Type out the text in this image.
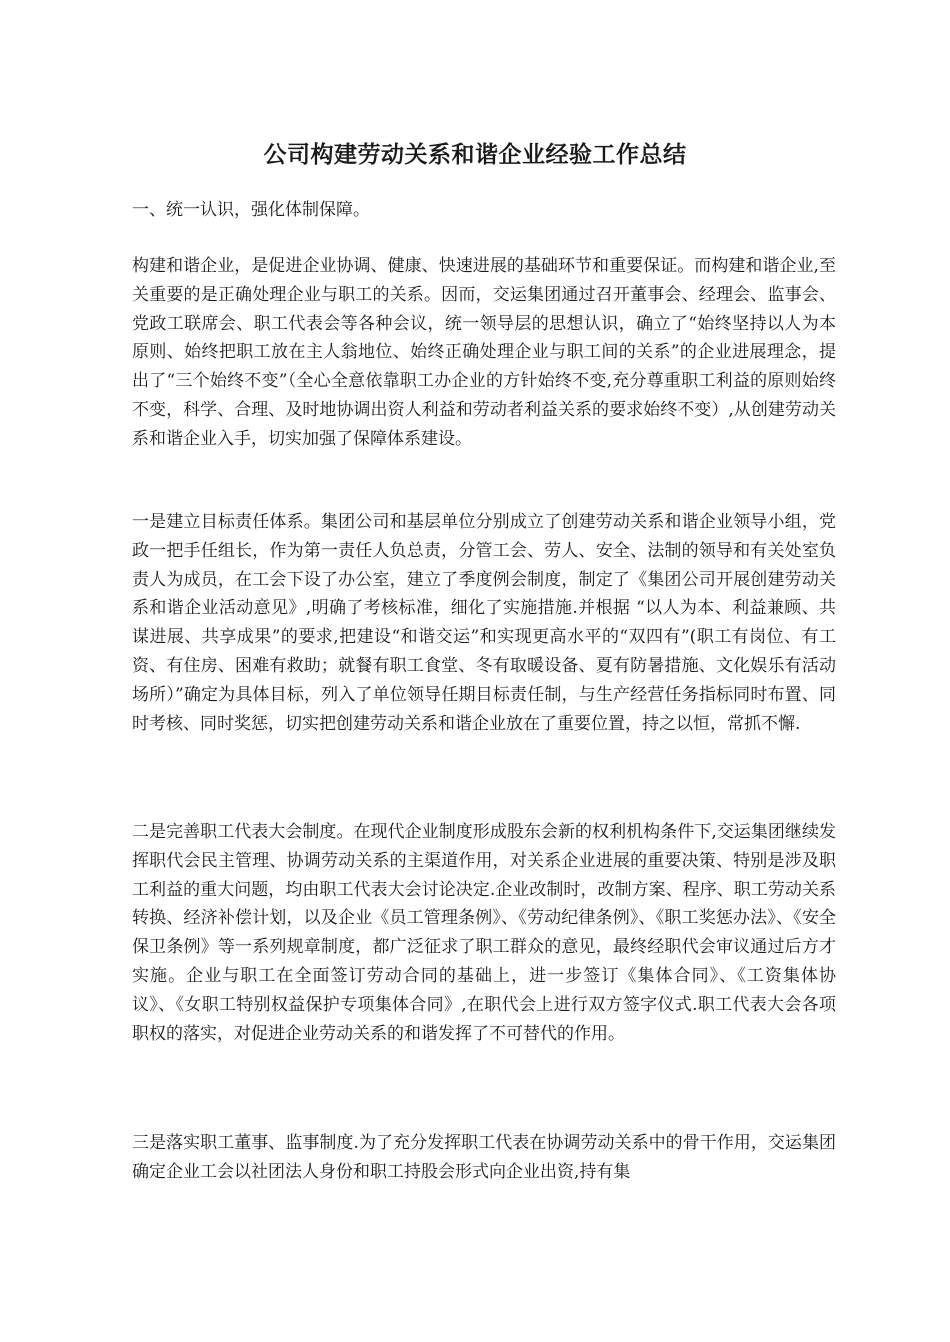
公司构建劳动关系和谐企业经验工作总结

一、统一认识，强化体制保障。

构建和谐企业，是促进企业协调、健康、快速进展的基础环节和重要保证。而构建和谐企业,至关重要的是正确处理企业与职工的关系。因而，交运集团通过召开董事会、经理会、监事会、党政工联席会、职工代表会等各种会议，统一领导层的思想认识，确立了“始终坚持以人为本原则、始终把职工放在主人翁地位、始终正确处理企业与职工间的关系”的企业进展理念，提出了“三个始终不变”（全心全意依靠职工办企业的方针始终不变,充分尊重职工利益的原则始终不变，科学、合理、及时地协调出资人利益和劳动者利益关系的要求始终不变）,从创建劳动关系和谐企业入手，切实加强了保障体系建设。

一是建立目标责任体系。集团公司和基层单位分别成立了创建劳动关系和谐企业领导小组，党政一把手任组长，作为第一责任人负总责，分管工会、劳人、安全、法制的领导和有关处室负责人为成员，在工会下设了办公室，建立了季度例会制度，制定了《集团公司开展创建劳动关系和谐企业活动意见》,明确了考核标准，细化了实施措施.并根据 “以人为本、利益兼顾、共谋进展、共享成果”的要求,把建设“和谐交运”和实现更高水平的“双四有”(职工有岗位、有工资、有住房、困难有救助；就餐有职工食堂、冬有取暖设备、夏有防暑措施、文化娱乐有活动场所）”确定为具体目标，列入了单位领导任期目标责任制，与生产经营任务指标同时布置、同时考核、同时奖惩，切实把创建劳动关系和谐企业放在了重要位置，持之以恒，常抓不懈.

二是完善职工代表大会制度。在现代企业制度形成股东会新的权利机构条件下,交运集团继续发挥职代会民主管理、协调劳动关系的主渠道作用，对关系企业进展的重要决策、特别是涉及职工利益的重大问题，均由职工代表大会讨论决定.企业改制时，改制方案、程序、职工劳动关系转换、经济补偿计划，以及企业《员工管理条例》、《劳动纪律条例》、《职工奖惩办法》、《安全保卫条例》等一系列规章制度，都广泛征求了职工群众的意见，最终经职代会审议通过后方才实施。企业与职工在全面签订劳动合同的基础上，进一步签订《集体合同》、《工资集体协议》、《女职工特别权益保护专项集体合同》,在职代会上进行双方签字仪式.职工代表大会各项职权的落实，对促进企业劳动关系的和谐发挥了不可替代的作用。

三是落实职工董事、监事制度.为了充分发挥职工代表在协调劳动关系中的骨干作用，交运集团确定企业工会以社团法人身份和职工持股会形式向企业出资,持有集
